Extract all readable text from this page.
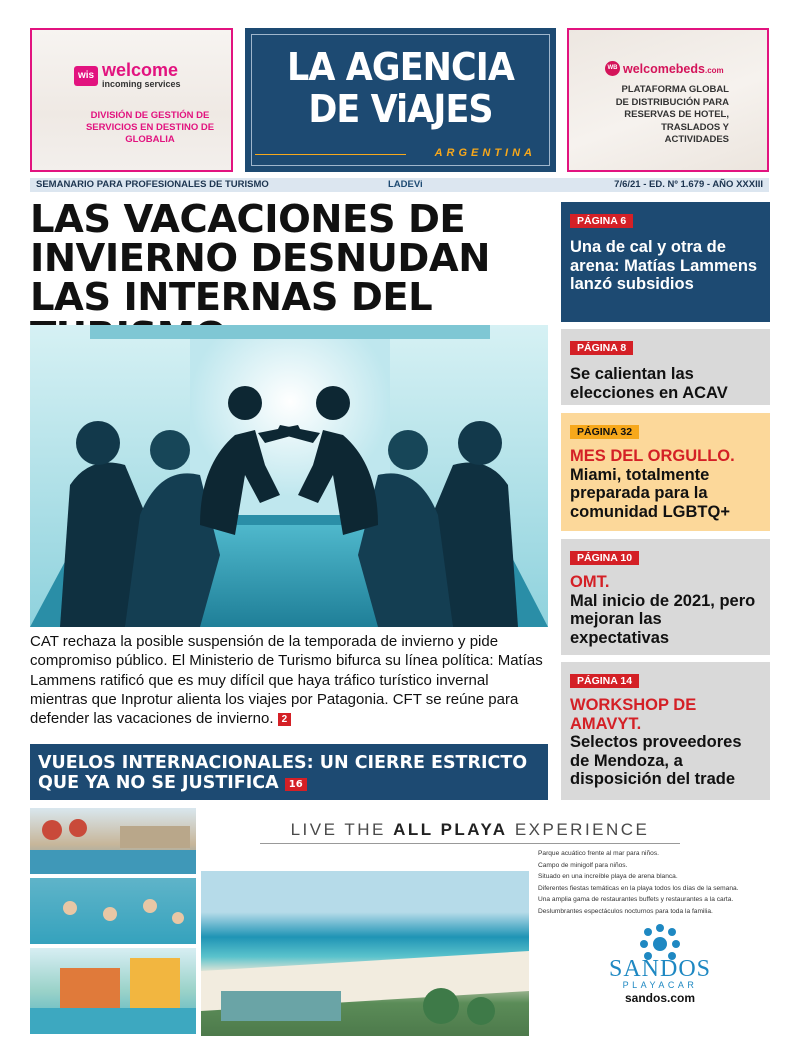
wis welcome
incoming services
DIVISIÓN DE GESTIÓN DE SERVICIOS EN DESTINO DE GLOBALIA
LA AGENCIA
DE ViAJES
ARGENTINA
WB welcomebeds.com
PLATAFORMA GLOBAL DE DISTRIBUCIÓN PARA RESERVAS DE HOTEL, TRASLADOS Y ACTIVIDADES
SEMANARIO PARA PROFESIONALES DE TURISMO	LADEVi	7/6/21 - ED. Nº 1.679 - AÑO XXXIII
LAS VACACIONES DE INVIERNO DESNUDAN LAS INTERNAS DEL

CAT rechaza la posible suspensión de la temporada de invierno y pide compromiso público. El Ministerio de Turismo bifurca su línea política: Matías Lammens ratificó que es muy difícil que haya tráfico turístico invernal mientras que Inprotur alienta los viajes por Patagonia. CFT se reúne para defender las vacaciones de invierno. 2

VUELOS INTERNACIONALES: UN CIERRE ESTRICTO QUE YA NO SE JUSTIFICA 16
PÁGINA 6
Una de cal y otra de arena: Matías Lammens lanzó subsidios
PÁGINA 8
Se calientan las elecciones en ACAV
PÁGINA 32
MES DEL ORGULLO.
Miami, totalmente preparada para la comunidad LGBTQ+
PÁGINA 10
OMT.
Mal inicio de 2021, pero mejoran las expectativas
PÁGINA 14
WORKSHOP DE AMAVYT.
Selectos proveedores de Mendoza, a disposición del trade
LIVE THE ALL PLAYA EXPERIENCE
Parque acuático frente al mar para niños.
Campo de minigolf para niños.
Situado en una increíble playa de arena blanca.
Diferentes fiestas temáticas en la playa todos los días de la semana.
Una amplia gama de restaurantes buffets y restaurantes a la carta.
Deslumbrantes espectáculos nocturnos para toda la familia.
SANDOS
PLAYACAR
sandos.com
